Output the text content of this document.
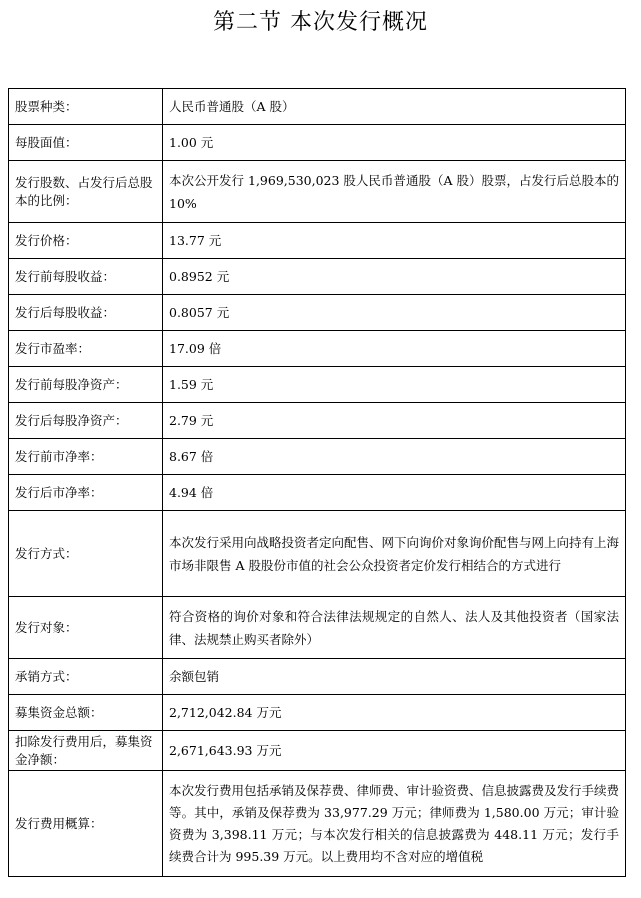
第二节 本次发行概况
股票种类：	人民币普通股（A 股）
每股面值：	1.00 元
发行股数、占发行后总股本的比例：	本次公开发行 1,969,530,023 股人民币普通股（A 股）股票，占发行后总股本的 10%
发行价格：	13.77 元
发行前每股收益：	0.8952 元
发行后每股收益：	0.8057 元
发行市盈率：	17.09 倍
发行前每股净资产：	1.59 元
发行后每股净资产：	2.79 元
发行前市净率：	8.67 倍
发行后市净率：	4.94 倍
发行方式：	本次发行采用向战略投资者定向配售、网下向询价对象询价配售与网上向持有上海市场非限售 A 股股份市值的社会公众投资者定价发行相结合的方式进行
发行对象：	符合资格的询价对象和符合法律法规规定的自然人、法人及其他投资者（国家法律、法规禁止购买者除外）
承销方式：	余额包销
募集资金总额：	2,712,042.84 万元
扣除发行费用后，募集资金净额：	2,671,643.93 万元
发行费用概算：	本次发行费用包括承销及保荐费、律师费、审计验资费、信息披露费及发行手续费等。其中，承销及保荐费为 33,977.29 万元；律师费为 1,580.00 万元；审计验资费为 3,398.11 万元；与本次发行相关的信息披露费为 448.11 万元；发行手续费合计为 995.39 万元。以上费用均不含对应的增值税
